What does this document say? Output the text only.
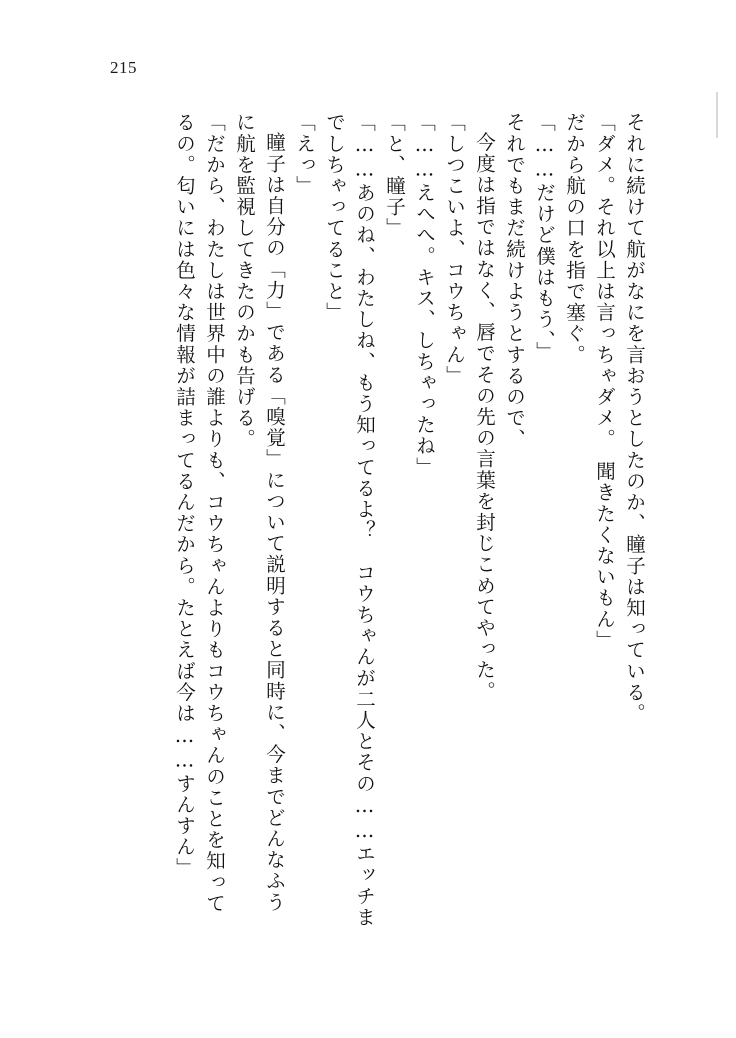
215
それに続けて航がなにを言おうとしたのか、瞳子は知っている。
「ダメ。それ以上は言っちゃダメ。　聞きたくないもん」
だから航の口を指で塞ぐ。
「……だけど僕はもう、」
それでもまだ続けようとするので、
今度は指ではなく、唇でその先の言葉を封じこめてやった。
「しつこいよ、コウちゃん」
「……えへへ。キス、しちゃったね」
「と、瞳子」
「……あのね、わたしね、もう知ってるよ？　コウちゃんが二人とその……エッチま
でしちゃってること」
「えっ」
瞳子は自分の「力」である「嗅覚」について説明すると同時に、今までどんなふう
に航を監視してきたのかも告げる。
「だから、わたしは世界中の誰よりも、コウちゃんよりもコウちゃんのことを知って
るの。匂いには色々な情報が詰まってるんだから。たとえば今は……すんすん」
